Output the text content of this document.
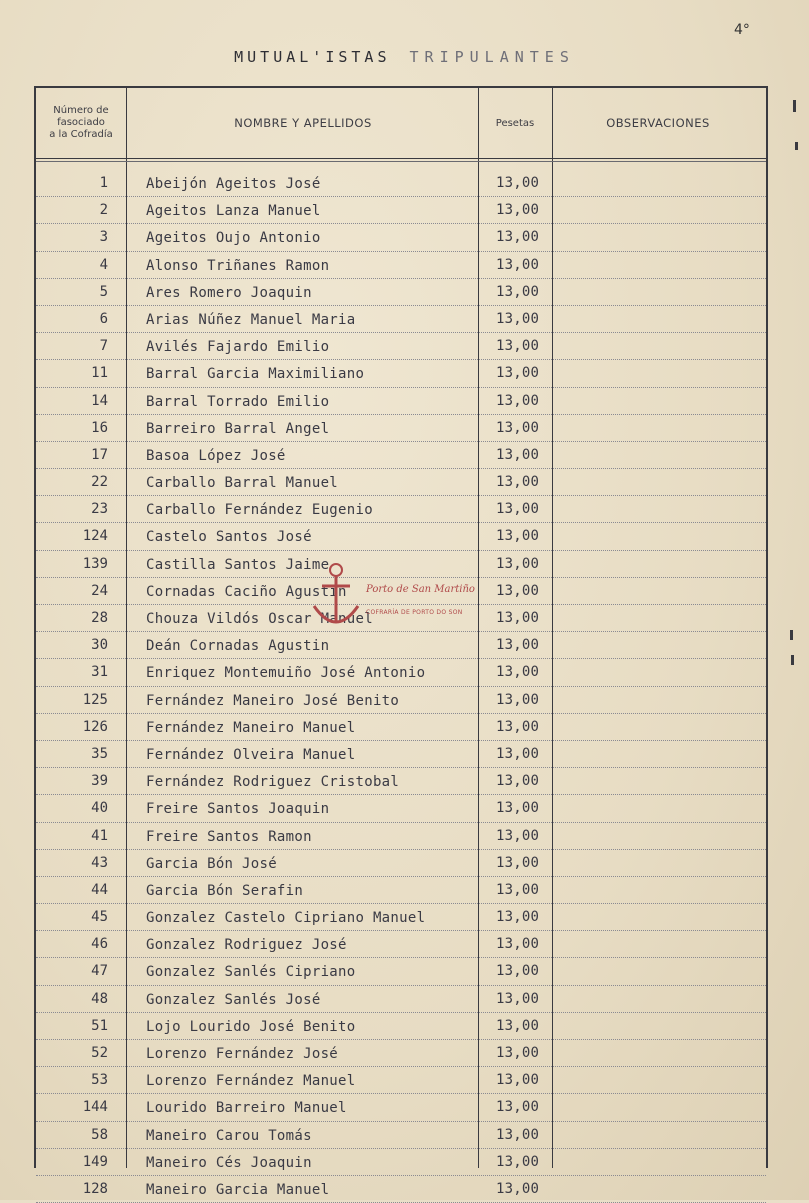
MUTUAL'ISTAS TRIPULANTES
4°
Número de
fasociado
a la Cofradía
NOMBRE Y APELLIDOS	Pesetas	OBSERVACIONES
1	Abeijón Ageitos José	13,00
2	Ageitos Lanza Manuel	13,00
3	Ageitos Oujo Antonio	13,00
4	Alonso Triñanes Ramon	13,00
5	Ares Romero Joaquin	13,00
6	Arias Núñez Manuel Maria	13,00
7	Avilés Fajardo Emilio	13,00
11	Barral Garcia Maximiliano	13,00
14	Barral Torrado Emilio	13,00
16	Barreiro Barral Angel	13,00
17	Basoa López José	13,00
22	Carballo Barral Manuel	13,00
23	Carballo Fernández Eugenio	13,00
124	Castelo Santos José	13,00
139	Castilla Santos Jaime	13,00
24	Cornadas Caciño Agustin	13,00
28	Chouza Vildós Oscar Manuel	13,00
30	Deán Cornadas Agustin	13,00
31	Enriquez Montemuiño José Antonio	13,00
125	Fernández Maneiro José Benito	13,00
126	Fernández Maneiro Manuel	13,00
35	Fernández Olveira Manuel	13,00
39	Fernández Rodriguez Cristobal	13,00
40	Freire Santos Joaquin	13,00
41	Freire Santos Ramon	13,00
43	Garcia Bón José	13,00
44	Garcia Bón Serafin	13,00
45	Gonzalez Castelo Cipriano Manuel	13,00
46	Gonzalez Rodriguez José	13,00
47	Gonzalez Sanlés Cipriano	13,00
48	Gonzalez Sanlés José	13,00
51	Lojo Lourido José Benito	13,00
52	Lorenzo Fernández José	13,00
53	Lorenzo Fernández Manuel	13,00
144	Lourido Barreiro Manuel	13,00
58	Maneiro Carou Tomás	13,00
149	Maneiro Cés Joaquin	13,00
128	Maneiro Garcia Manuel	13,00
Porto de San Martiño
COFRARÍA DE PORTO DO SON
